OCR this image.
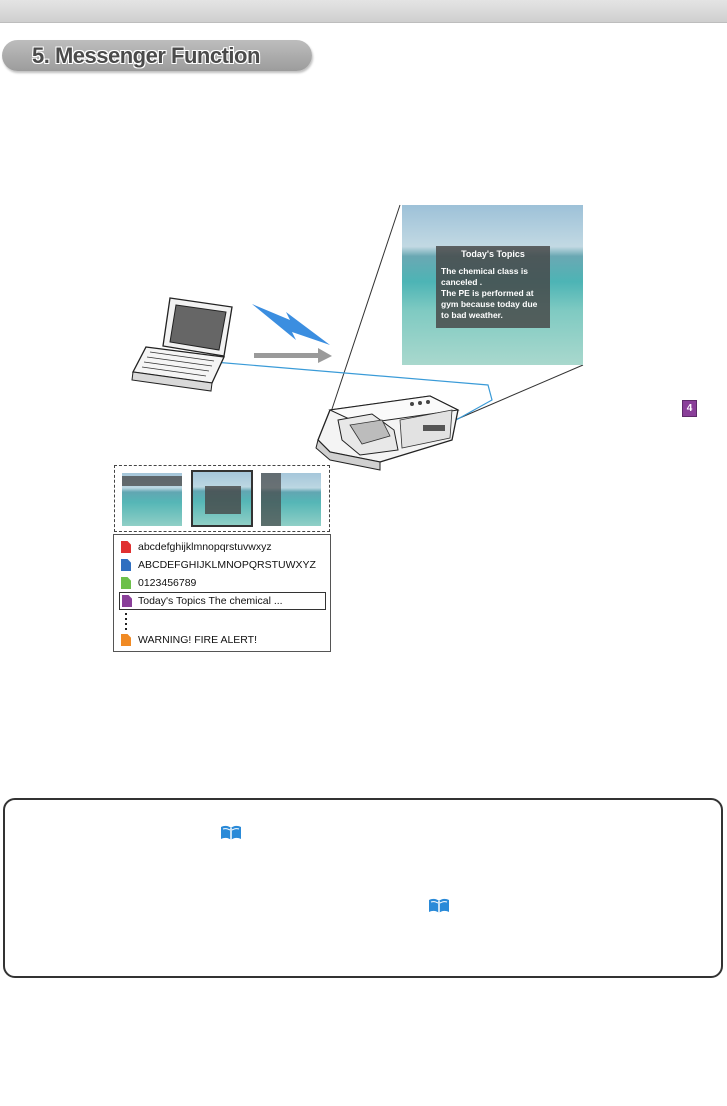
5. Messenger Function
Today's Topics
The chemical class is canceled .
The PE is performed at gym because today due to bad weather.
abcdefghijklmnopqrstuvwxyz
ABCDEFGHIJKLMNOPQRSTUWXYZ
0123456789
Today's Topics The chemical ...
WARNING! FIRE ALERT!
4
